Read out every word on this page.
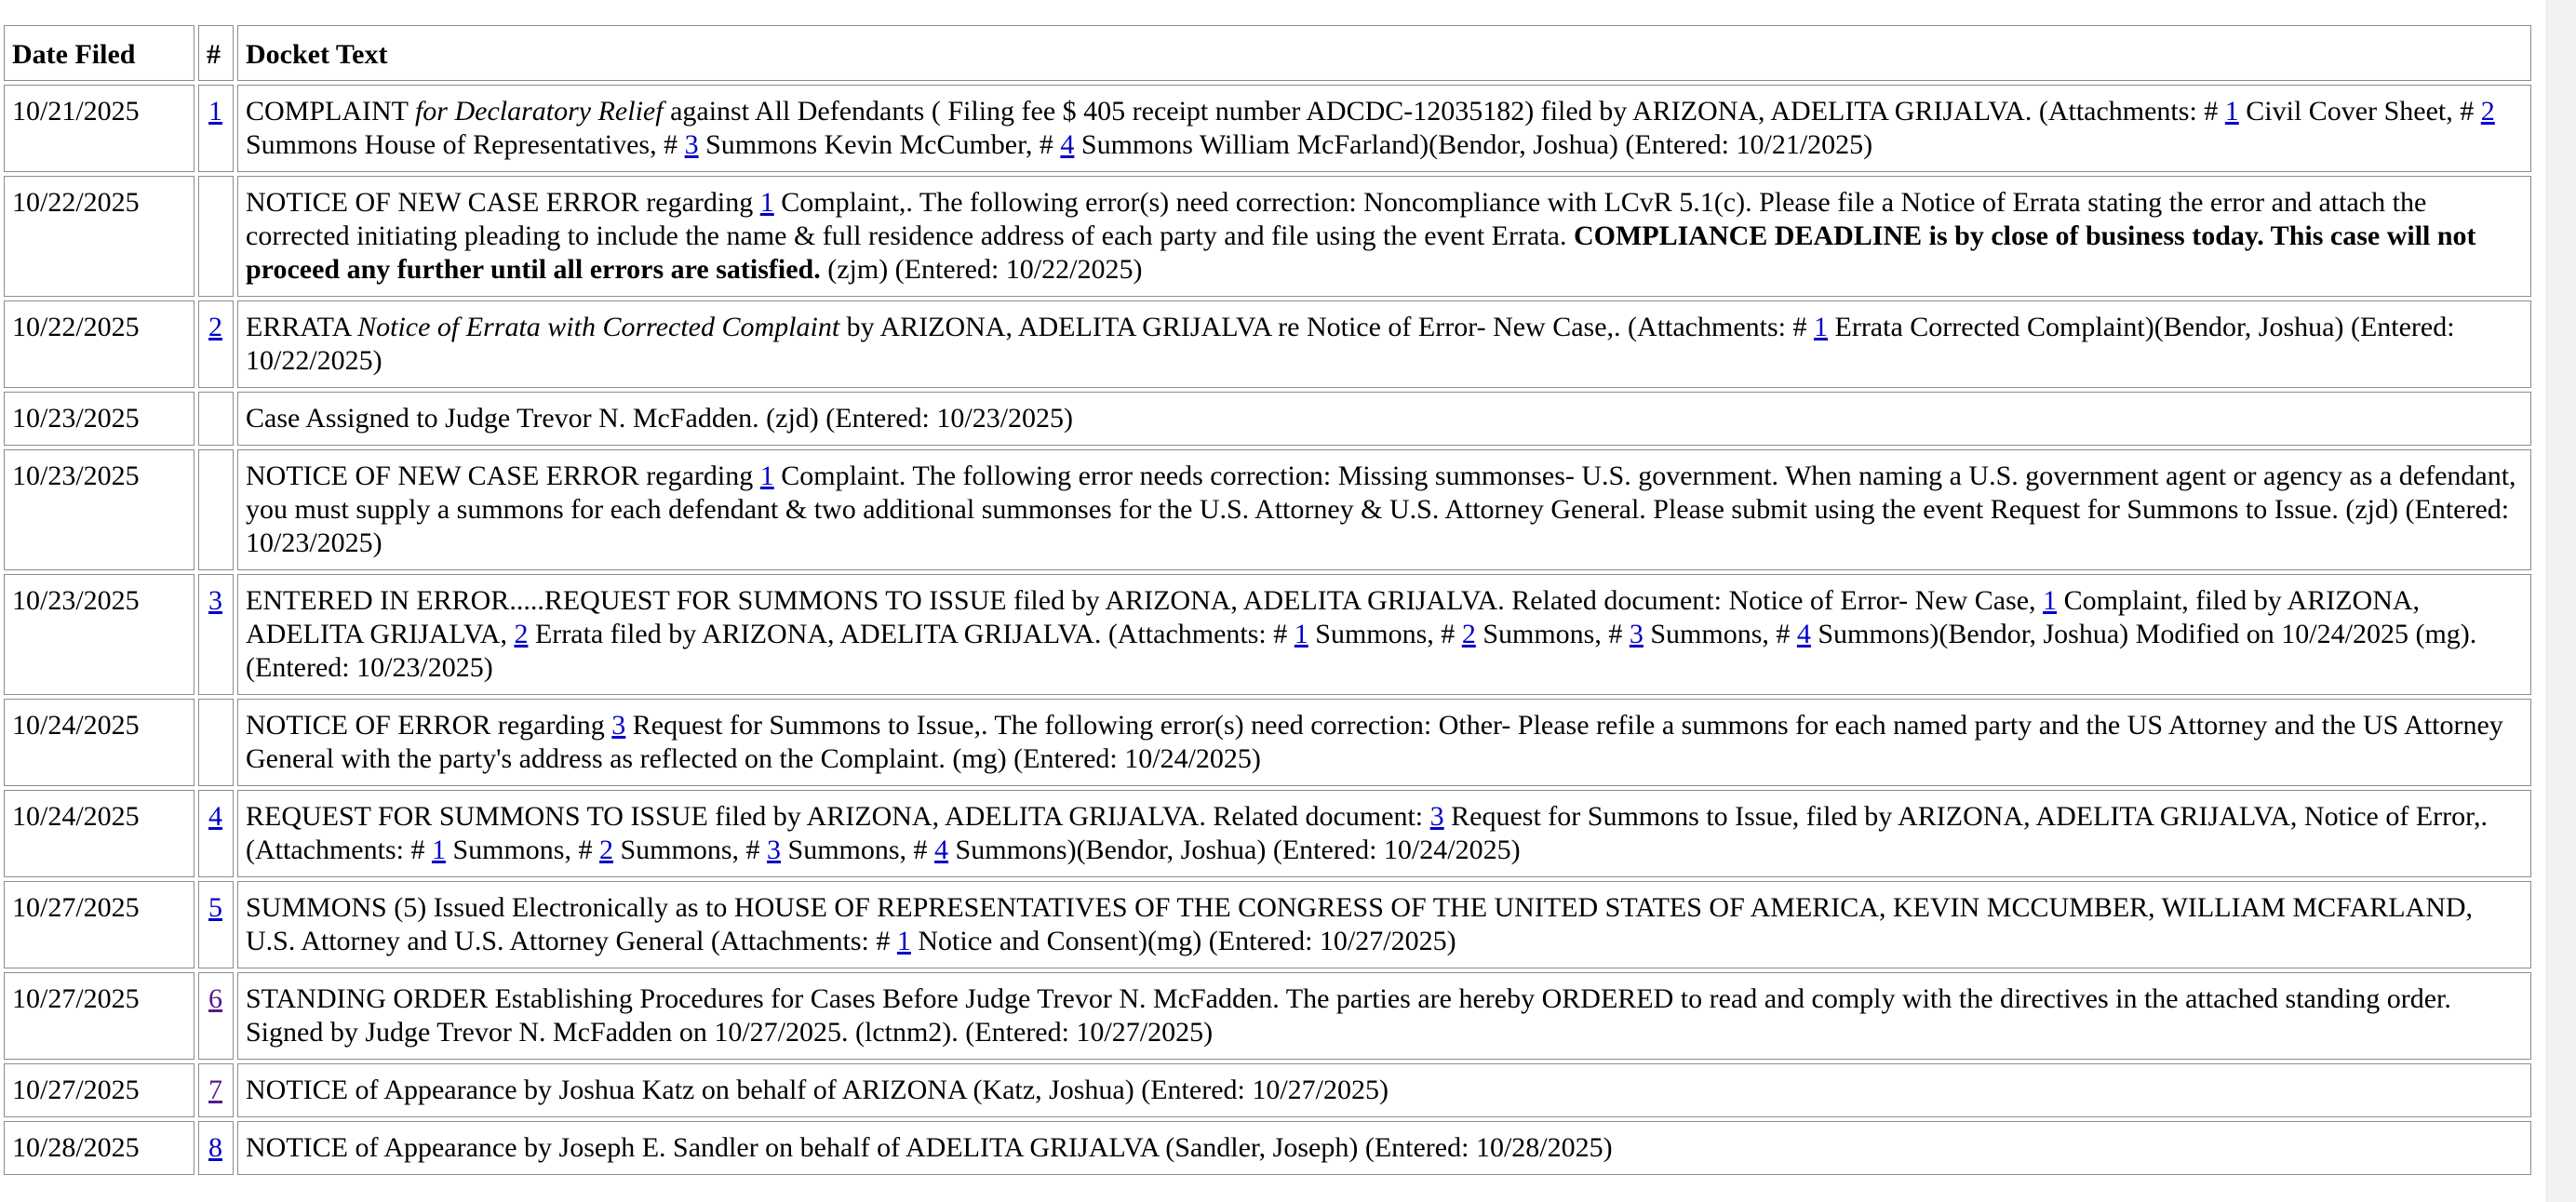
Date Filed	#	Docket Text
10/21/2025	1	COMPLAINT for Declaratory Relief against All Defendants ( Filing fee $ 405 receipt number ADCDC-12035182) filed by ARIZONA, ADELITA GRIJALVA. (Attachments: # 1 Civil Cover Sheet, # 2 Summons House of Representatives, # 3 Summons Kevin McCumber, # 4 Summons William McFarland)(Bendor, Joshua) (Entered: 10/21/2025)
10/22/2025		NOTICE OF NEW CASE ERROR regarding 1 Complaint,. The following error(s) need correction: Noncompliance with LCvR 5.1(c). Please file a Notice of Errata stating the error and attach the corrected initiating pleading to include the name & full residence address of each party and file using the event Errata. COMPLIANCE DEADLINE is by close of business today. This case will not proceed any further until all errors are satisfied. (zjm) (Entered: 10/22/2025)
10/22/2025	2	ERRATA Notice of Errata with Corrected Complaint by ARIZONA, ADELITA GRIJALVA re Notice of Error- New Case,. (Attachments: # 1 Errata Corrected Complaint)(Bendor, Joshua) (Entered: 10/22/2025)
10/23/2025		Case Assigned to Judge Trevor N. McFadden. (zjd) (Entered: 10/23/2025)
10/23/2025		NOTICE OF NEW CASE ERROR regarding 1 Complaint. The following error needs correction: Missing summonses- U.S. government. When naming a U.S. government agent or agency as a defendant, you must supply a summons for each defendant & two additional summonses for the U.S. Attorney & U.S. Attorney General. Please submit using the event Request for Summons to Issue. (zjd) (Entered: 10/23/2025)
10/23/2025	3	ENTERED IN ERROR.....REQUEST FOR SUMMONS TO ISSUE filed by ARIZONA, ADELITA GRIJALVA. Related document: Notice of Error- New Case, 1 Complaint, filed by ARIZONA, ADELITA GRIJALVA, 2 Errata filed by ARIZONA, ADELITA GRIJALVA. (Attachments: # 1 Summons, # 2 Summons, # 3 Summons, # 4 Summons)(Bendor, Joshua) Modified on 10/24/2025 (mg). (Entered: 10/23/2025)
10/24/2025		NOTICE OF ERROR regarding 3 Request for Summons to Issue,. The following error(s) need correction: Other- Please refile a summons for each named party and the US Attorney and the US Attorney General with the party's address as reflected on the Complaint. (mg) (Entered: 10/24/2025)
10/24/2025	4	REQUEST FOR SUMMONS TO ISSUE filed by ARIZONA, ADELITA GRIJALVA. Related document: 3 Request for Summons to Issue, filed by ARIZONA, ADELITA GRIJALVA, Notice of Error,. (Attachments: # 1 Summons, # 2 Summons, # 3 Summons, # 4 Summons)(Bendor, Joshua) (Entered: 10/24/2025)
10/27/2025	5	SUMMONS (5) Issued Electronically as to HOUSE OF REPRESENTATIVES OF THE CONGRESS OF THE UNITED STATES OF AMERICA, KEVIN MCCUMBER, WILLIAM MCFARLAND, U.S. Attorney and U.S. Attorney General (Attachments: # 1 Notice and Consent)(mg) (Entered: 10/27/2025)
10/27/2025	6	STANDING ORDER Establishing Procedures for Cases Before Judge Trevor N. McFadden. The parties are hereby ORDERED to read and comply with the directives in the attached standing order. Signed by Judge Trevor N. McFadden on 10/27/2025. (lctnm2). (Entered: 10/27/2025)
10/27/2025	7	NOTICE of Appearance by Joshua Katz on behalf of ARIZONA (Katz, Joshua) (Entered: 10/27/2025)
10/28/2025	8	NOTICE of Appearance by Joseph E. Sandler on behalf of ADELITA GRIJALVA (Sandler, Joseph) (Entered: 10/28/2025)
